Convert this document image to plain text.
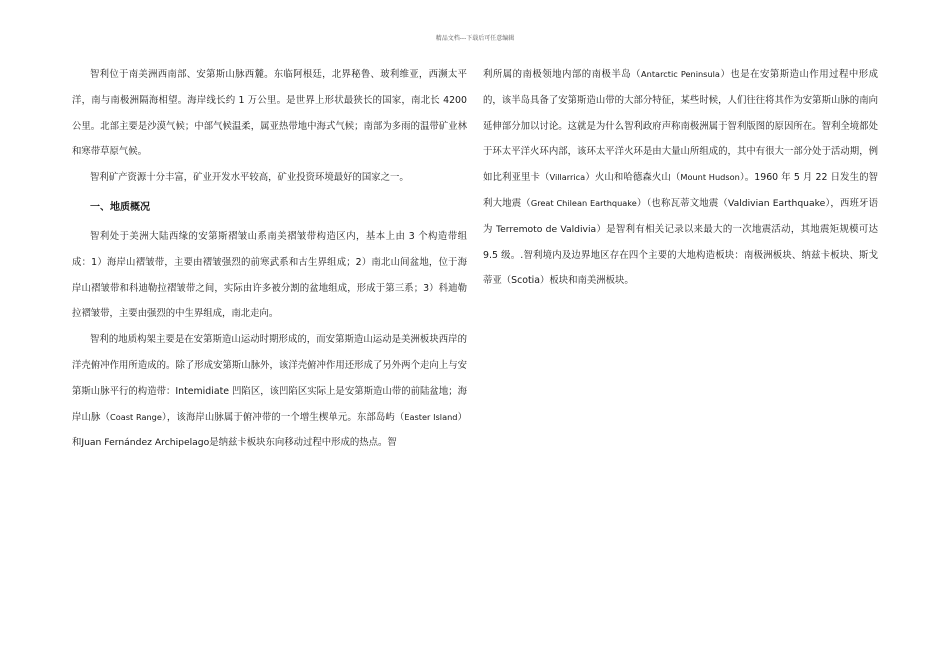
精品文档---下载后可任意编辑

智利位于南美洲西南部、安第斯山脉西麓。东临阿根廷，北界秘鲁、玻利维亚，西濒太平洋，南与南极洲隔海相望。海岸线长约 1 万公里。是世界上形状最狭长的国家，南北长 4200 公里。北部主要是沙漠气候；中部气候温柔，属亚热带地中海式气候；南部为多雨的温带矿业林和寒带草原气候。

智利矿产资源十分丰富，矿业开发水平较高，矿业投资环境最好的国家之一。

一、地质概况

智利处于美洲大陆西缘的安第斯褶皱山系南美褶皱带构造区内，基本上由 3 个构造带组成：1）海岸山褶皱带，主要由褶皱强烈的前寒武系和古生界组成；2）南北山间盆地，位于海岸山褶皱带和科迪勒拉褶皱带之间，实际由许多被分割的盆地组成，形成于第三系；3）科迪勒拉褶皱带，主要由强烈的中生界组成，南北走向。

智利的地质构架主要是在安第斯造山运动时期形成的，而安第斯造山运动是美洲板块西岸的洋壳俯冲作用所造成的。除了形成安第斯山脉外，该洋壳俯冲作用还形成了另外两个走向上与安第斯山脉平行的构造带：Intemidiate 凹陷区，该凹陷区实际上是安第斯造山带的前陆盆地；海岸山脉（Coast Range），该海岸山脉属于俯冲带的一个增生楔单元。东部岛屿（Easter Island）和Juan Fernández Archipelago是纳兹卡板块东向移动过程中形成的热点。智

利所属的南极领地内部的南极半岛（Antarctic Peninsula）也是在安第斯造山作用过程中形成的，该半岛具备了安第斯造山带的大部分特征，某些时候，人们往往将其作为安第斯山脉的南向延伸部分加以讨论。这就是为什么智利政府声称南极洲属于智利版图的原因所在。智利全境都处于环太平洋火环内部，该环太平洋火环是由大量山所组成的，其中有很大一部分处于活动期，例如比利亚里卡（Villarrica）火山和哈德森火山（Mount Hudson）。1960 年 5 月 22 日发生的智利大地震（Great Chilean Earthquake）（也称瓦蒂文地震（Valdivian Earthquake），西班牙语为 Terremoto de Valdivia）是智利有相关记录以来最大的一次地震活动，其地震矩规模可达 9.5 级。.智利境内及边界地区存在四个主要的大地构造板块：南极洲板块、纳兹卡板块、斯戈蒂亚（Scotia）板块和南美洲板块。
